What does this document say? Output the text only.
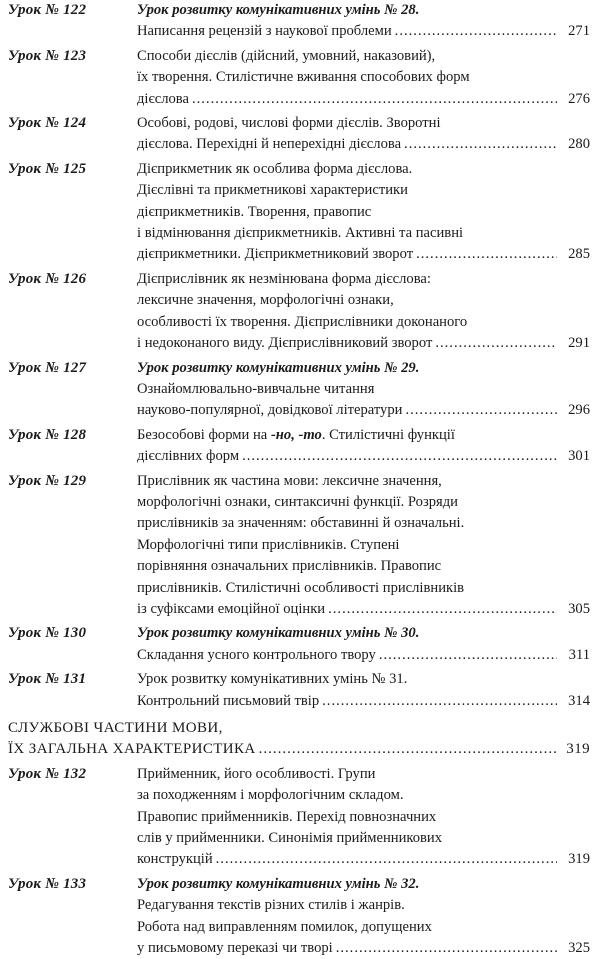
Урок № 122	Урок розвитку комунікативних умінь № 28.
Написання рецензій з наукової проблеми .....	271
Урок № 123	Способи дієслів (дійсний, умовний, наказовий),
їх творення. Стилістичне вживання способових форм
дієслова .....	276
Урок № 124	Особові, родові, числові форми дієслів. Зворотні
дієслова. Перехідні й неперехідні дієслова .....	280
Урок № 125	Дієприкметник як особлива форма дієслова.
Дієслівні та прикметникові характеристики
дієприкметників. Творення, правопис
і відмінювання дієприкметників. Активні та пасивні
дієприкметники. Дієприкметниковий зворот .....	285
Урок № 126	Дієприслівник як незмінювана форма дієслова:
лексичне значення, морфологічні ознаки,
особливості їх творення. Дієприслівники доконаного
і недоконаного виду. Дієприслівниковий зворот .....	291
Урок № 127	Урок розвитку комунікативних умінь № 29.
Ознайомлювально-вивчальне читання
науково-популярної, довідкової літератури .....	296
Урок № 128	Безособові форми на -но, -то. Стилістичні функції
дієслівних форм .....	301
Урок № 129	Прислівник як частина мови: лексичне значення,
морфологічні ознаки, синтаксичні функції. Розряди
прислівників за значенням: обставинні й означальні.
Морфологічні типи прислівників. Ступені
порівняння означальних прислівників. Правопис
прислівників. Стилістичні особливості прислівників
із суфіксами емоційної оцінки .....	305
Урок № 130	Урок розвитку комунікативних умінь № 30.
Складання усного контрольного твору .....	311
Урок № 131	Урок розвитку комунікативних умінь № 31.
Контрольний письмовий твір .....	314
СЛУЖБОВІ ЧАСТИНИ МОВИ,
ЇХ ЗАГАЛЬНА ХАРАКТЕРИСТИКА .....	319
Урок № 132	Прийменник, його особливості. Групи
за походженням і морфологічним складом.
Правопис прийменників. Перехід повнозначних
слів у прийменники. Синонімія прийменникових
конструкцій .....	319
Урок № 133	Урок розвитку комунікативних умінь № 32.
Редагування текстів різних стилів і жанрів.
Робота над виправленням помилок, допущених
у письмовому переказі чи творі .....	325
